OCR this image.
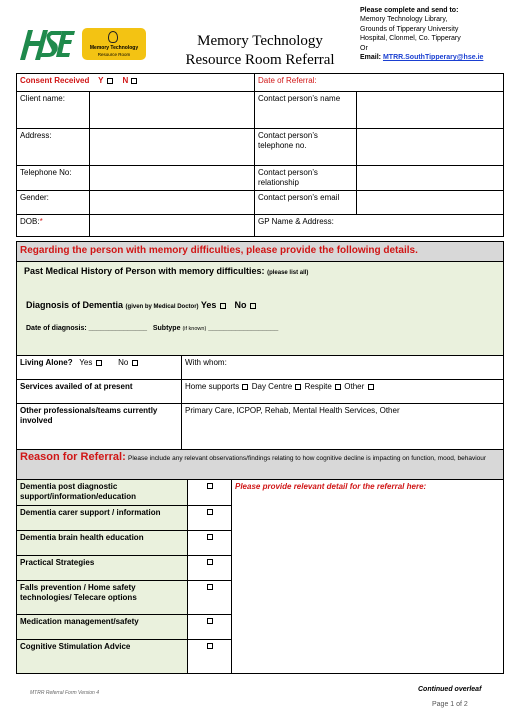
Memory Technology
Resource Room
Memory Technology
Resource Room Referral
Please complete and send to:
Memory Technology Library,
Grounds of Tipperary University
Hospital, Clonmel, Co. Tipperary
Or
Email: MTRR.SouthTipperary@hse.ie
Consent Received Y N		Date of Referral:	
Client name:		Contact person’s name	
Address:		Contact person’s telephone no.	
Telephone No:		Contact person’s relationship	
Gender:		Contact person’s email	
DOB:*		GP Name & Address:	
Regarding the person with memory difficulties, please provide the following details.	

Past Medical History of Person with memory difficulties: (please list all)
Diagnosis of Dementia (given by Medical Doctor) Yes No
Date of diagnosis: _______________ Subtype (if known) __________________	

Living Alone? Yes No	With whom:
Services availed of at present	Home supports Day Centre Respite Other
Other professionals/teams currently involved	Primary Care, ICPOP, Rehab, Mental Health Services, Other
Reason for Referral: Please include any relevant observations/findings relating to how cognitive decline is impacting on function, mood, behaviour		
Dementia post diagnostic support/information/education		Please provide relevant detail for the referral here:
Dementia carer support / information		
Dementia brain health education		
Practical Strategies		
Falls prevention / Home safety technologies/ Telecare options		
Medication management/safety		
Cognitive Stimulation Advice		
MTRR Referral Form Version 4	Continued overleaf
Page 1 of 2
